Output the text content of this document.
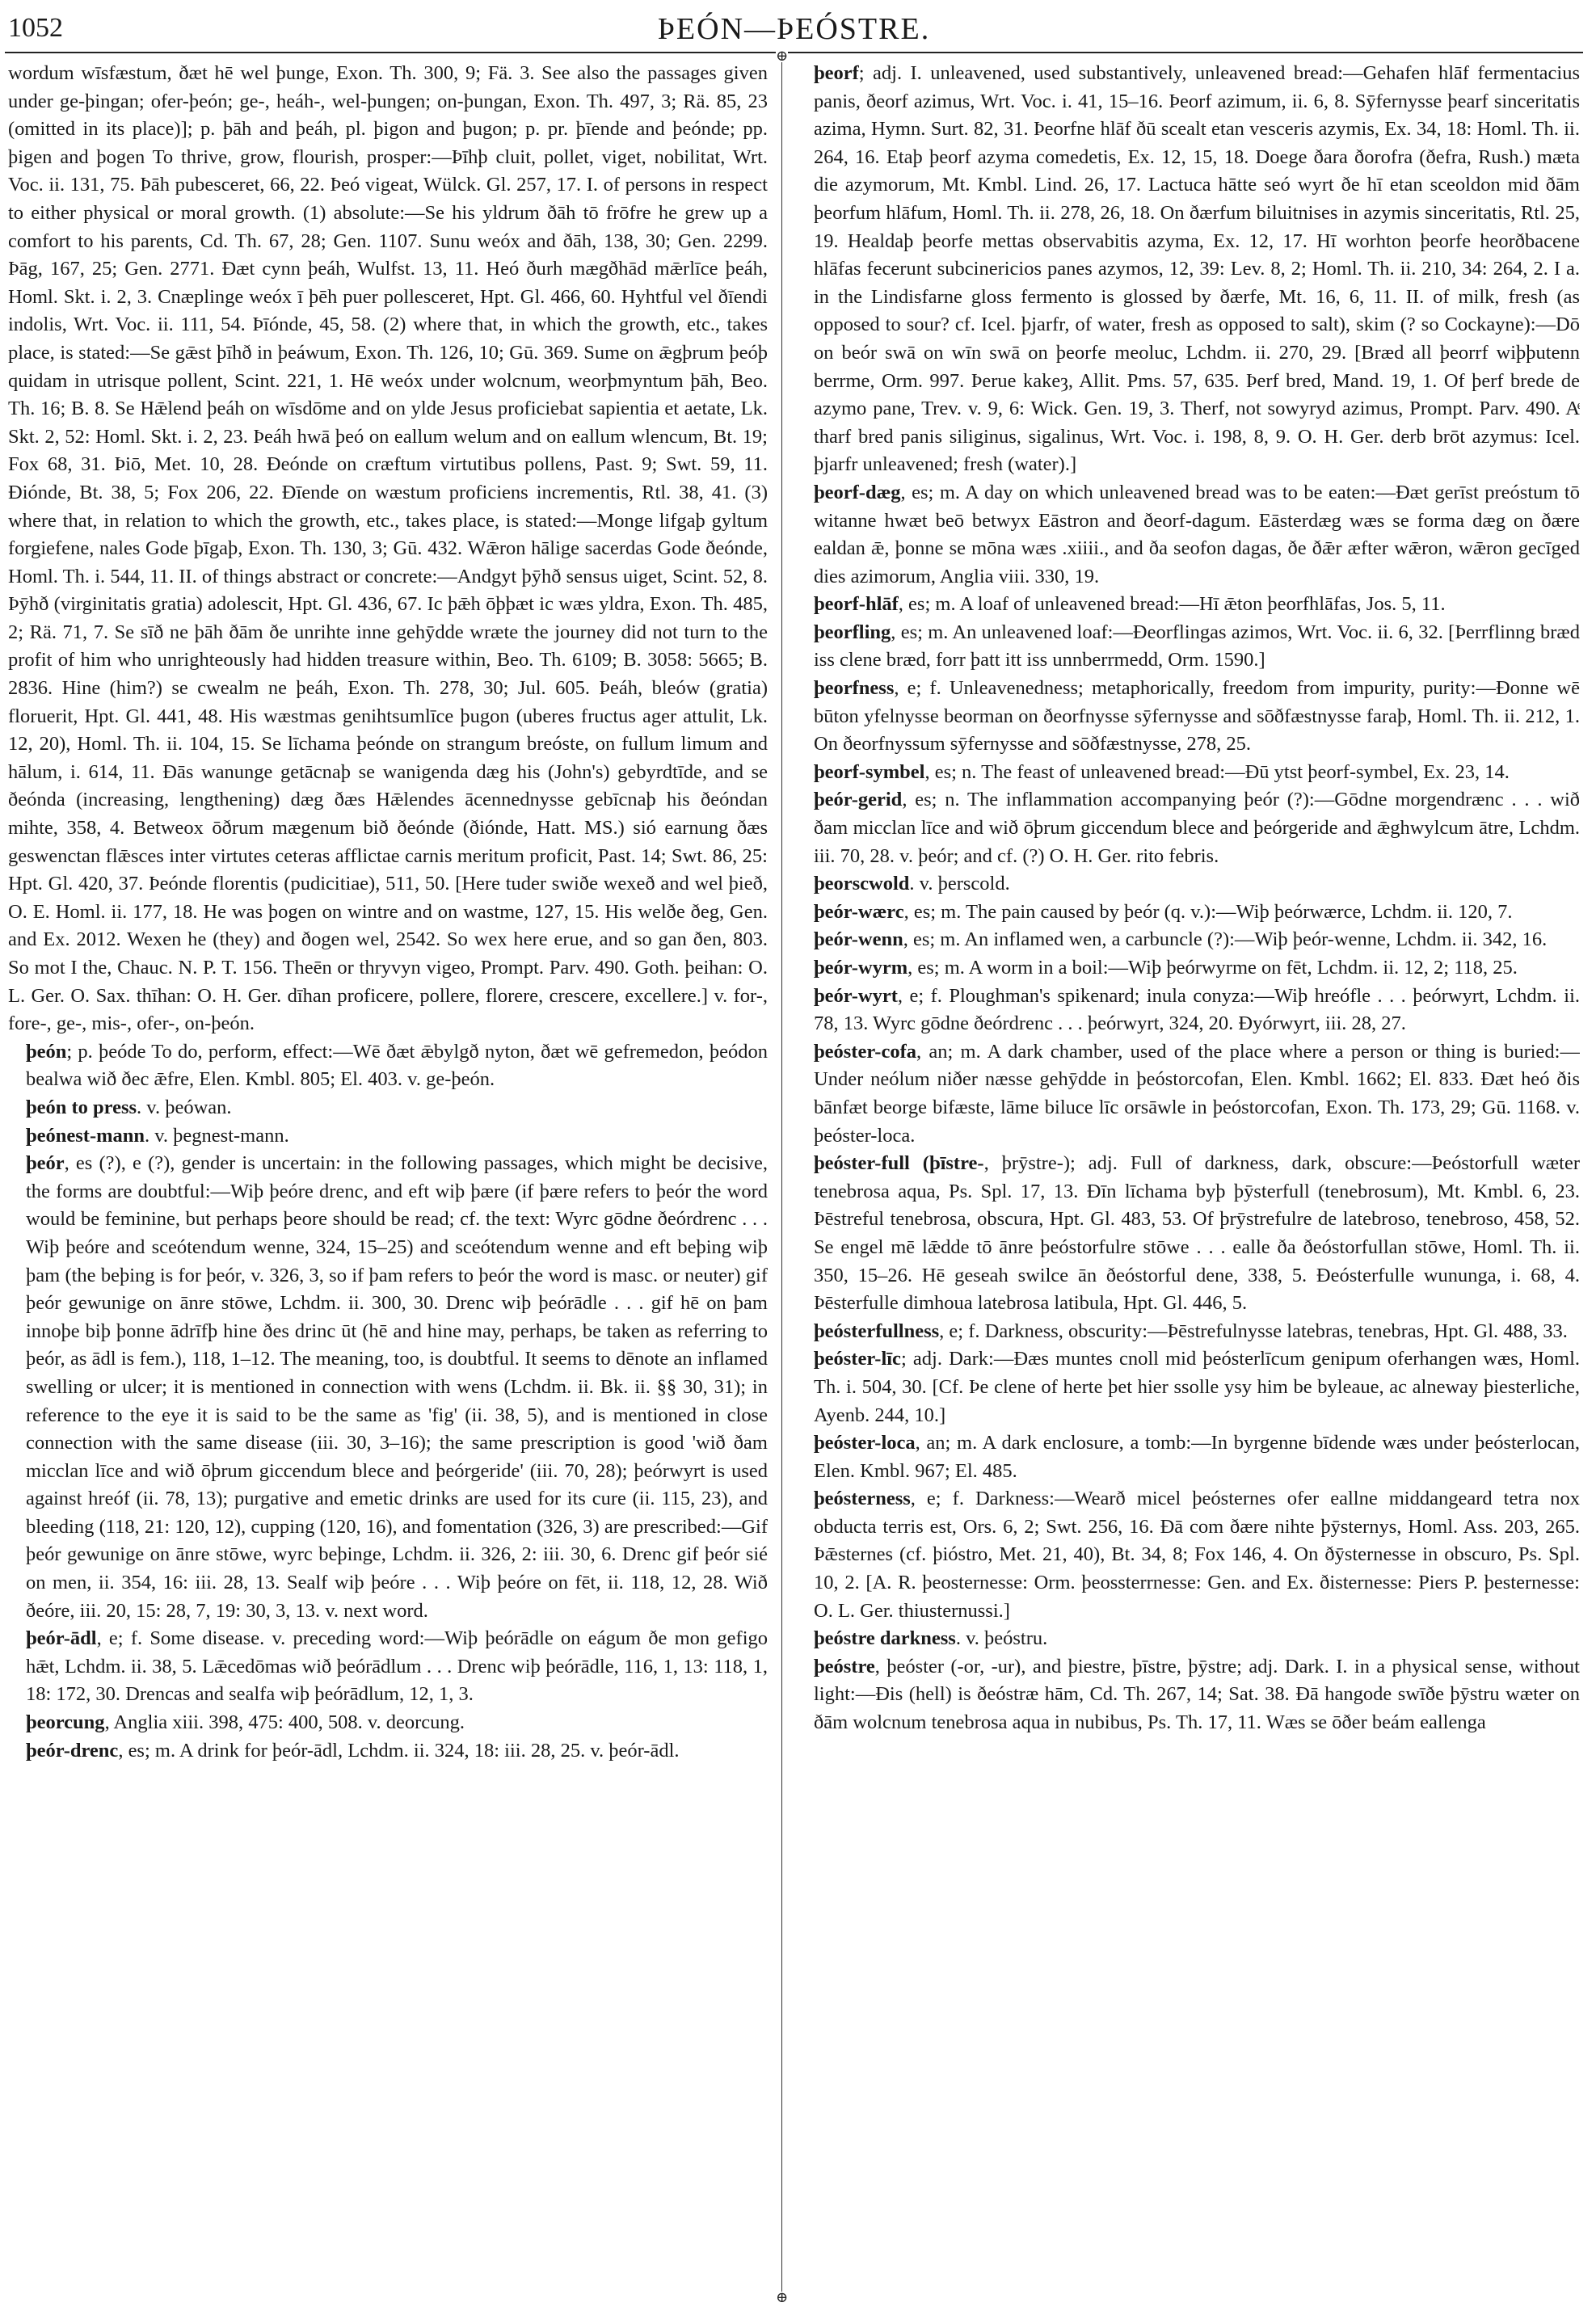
1052	ÞEÓN—ÞEÓSTRE.
⊕
⊕

wordum wīsfæstum, ðæt hē wel þunge, Exon. Th. 300, 9; Fä. 3. See also the passages given under ge-þingan; ofer-þeón; ge-, heáh-, wel-þungen; on-þungan, Exon. Th. 497, 3; Rä. 85, 23 (omitted in its place)]; p. þāh and þeáh, pl. þigon and þugon; p. pr. þīende and þeónde; pp. þigen and þogen To thrive, grow, flourish, prosper:—Þīhþ cluit, pollet, viget, nobilitat, Wrt. Voc. ii. 131, 75. Þāh pubesceret, 66, 22. Þeó vigeat, Wülck. Gl. 257, 17. I. of persons in respect to either physical or moral growth. (1) absolute:—Se his yldrum ðāh tō frōfre he grew up a comfort to his parents, Cd. Th. 67, 28; Gen. 1107. Sunu weóx and ðāh, 138, 30; Gen. 2299. Þāg, 167, 25; Gen. 2771. Ðæt cynn þeáh, Wulfst. 13, 11. Heó ðurh mægðhād mǣrlīce þeáh, Homl. Skt. i. 2, 3. Cnæplinge weóx ī þēh puer pollesceret, Hpt. Gl. 466, 60. Hyhtful vel ðīendi indolis, Wrt. Voc. ii. 111, 54. Þīónde, 45, 58. (2) where that, in which the growth, etc., takes place, is stated:—Se gǣst þīhð in þeáwum, Exon. Th. 126, 10; Gū. 369. Sume on ǣgþrum þeóþ quidam in utrisque pollent, Scint. 221, 1. Hē weóx under wolcnum, weorþmyntum þāh, Beo. Th. 16; B. 8. Se Hǣlend þeáh on wīsdōme and on ylde Jesus proficiebat sapientia et aetate, Lk. Skt. 2, 52: Homl. Skt. i. 2, 23. Þeáh hwā þeó on eallum welum and on eallum wlencum, Bt. 19; Fox 68, 31. Þiō, Met. 10, 28. Ðeónde on cræftum virtutibus pollens, Past. 9; Swt. 59, 11. Ðiónde, Bt. 38, 5; Fox 206, 22. Ðīende on wæstum proficiens incrementis, Rtl. 38, 41. (3) where that, in relation to which the growth, etc., takes place, is stated:—Monge lifgaþ gyltum forgiefene, nales Gode þīgaþ, Exon. Th. 130, 3; Gū. 432. Wǣron hālige sacerdas Gode ðeónde, Homl. Th. i. 544, 11. II. of things abstract or concrete:—Andgyt þȳhð sensus uiget, Scint. 52, 8. Þȳhð (virginitatis gratia) adolescit, Hpt. Gl. 436, 67. Ic þǣh ōþþæt ic wæs yldra, Exon. Th. 485, 2; Rä. 71, 7. Se sīð ne þāh ðām ðe unrihte inne gehȳdde wræte the journey did not turn to the profit of him who unrighteously had hidden treasure within, Beo. Th. 6109; B. 3058: 5665; B. 2836. Hine (him?) se cwealm ne þeáh, Exon. Th. 278, 30; Jul. 605. Þeáh, bleów (gratia) floruerit, Hpt. Gl. 441, 48. His wæstmas genihtsumlīce þugon (uberes fructus ager attulit, Lk. 12, 20), Homl. Th. ii. 104, 15. Se līchama þeónde on strangum breóste, on fullum limum and hālum, i. 614, 11. Ðās wanunge getācnaþ se wanigenda dæg his (John's) gebyrdtīde, and se ðeónda (increasing, lengthening) dæg ðæs Hǣlendes ācennednysse gebīcnaþ his ðeóndan mihte, 358, 4. Betweox ōðrum mægenum bið ðeónde (ðiónde, Hatt. MS.) sió earnung ðæs geswenctan flǣsces inter virtutes ceteras afflictae carnis meritum proficit, Past. 14; Swt. 86, 25: Hpt. Gl. 420, 37. Þeónde florentis (pudicitiae), 511, 50. [Here tuder swiðe wexeð and wel þieð, O. E. Homl. ii. 177, 18. He was þogen on wintre and on wastme, 127, 15. His welðe ðeg, Gen. and Ex. 2012. Wexen he (they) and ðogen wel, 2542. So wex here erue, and so gan ðen, 803. So mot I the, Chauc. N. P. T. 156. Theēn or thryvyn vigeo, Prompt. Parv. 490. Goth. þeihan: O. L. Ger. O. Sax. thīhan: O. H. Ger. dīhan proficere, pollere, florere, crescere, excellere.] v. for-, fore-, ge-, mis-, ofer-, on-þeón.

þeón; p. þeóde To do, perform, effect:—Wē ðæt ǣbylgð nyton, ðæt wē gefremedon, þeódon bealwa wið ðec ǣfre, Elen. Kmbl. 805; El. 403. v. ge-þeón.

þeón to press. v. þeówan.

þeónest-mann. v. þegnest-mann.

þeór, es (?), e (?), gender is uncertain: in the following passages, which might be decisive, the forms are doubtful:—Wiþ þeóre drenc, and eft wiþ þære (if þære refers to þeór the word would be feminine, but perhaps þeore should be read; cf. the text: Wyrc gōdne ðeórdrenc . . . Wiþ þeóre and sceótendum wenne, 324, 15–25) and sceótendum wenne and eft beþing wiþ þam (the beþing is for þeór, v. 326, 3, so if þam refers to þeór the word is masc. or neuter) gif þeór gewunige on ānre stōwe, Lchdm. ii. 300, 30. Drenc wiþ þeórādle . . . gif hē on þam innoþe biþ þonne ādrīfþ hine ðes drinc ūt (hē and hine may, perhaps, be taken as referring to þeór, as ādl is fem.), 118, 1–12. The meaning, too, is doubtful. It seems to dēnote an inflamed swelling or ulcer; it is mentioned in connection with wens (Lchdm. ii. Bk. ii. §§ 30, 31); in reference to the eye it is said to be the same as 'fig' (ii. 38, 5), and is mentioned in close connection with the same disease (iii. 30, 3–16); the same prescription is good 'wið ðam micclan līce and wið ōþrum giccendum blece and þeórgeride' (iii. 70, 28); þeórwyrt is used against hreóf (ii. 78, 13); purgative and emetic drinks are used for its cure (ii. 115, 23), and bleeding (118, 21: 120, 12), cupping (120, 16), and fomentation (326, 3) are prescribed:—Gif þeór gewunige on ānre stōwe, wyrc beþinge, Lchdm. ii. 326, 2: iii. 30, 6. Drenc gif þeór sié on men, ii. 354, 16: iii. 28, 13. Sealf wiþ þeóre . . . Wiþ þeóre on fēt, ii. 118, 12, 28. Wið ðeóre, iii. 20, 15: 28, 7, 19: 30, 3, 13. v. next word.

þeór-ādl, e; f. Some disease. v. preceding word:—Wiþ þeórādle on eágum ðe mon gefigo hǣt, Lchdm. ii. 38, 5. Lǣcedōmas wið þeórādlum . . . Drenc wiþ þeórādle, 116, 1, 13: 118, 1, 18: 172, 30. Drencas and sealfa wiþ þeórādlum, 12, 1, 3.

þeorcung, Anglia xiii. 398, 475: 400, 508. v. deorcung.

þeór-drenc, es; m. A drink for þeór-ādl, Lchdm. ii. 324, 18: iii. 28, 25. v. þeór-ādl.

þeorf; adj. I. unleavened, used substantively, unleavened bread:—Gehafen hlāf fermentacius panis, ðeorf azimus, Wrt. Voc. i. 41, 15–16. Þeorf azimum, ii. 6, 8. Sȳfernysse þearf sinceritatis azima, Hymn. Surt. 82, 31. Þeorfne hlāf ðū scealt etan vesceris azymis, Ex. 34, 18: Homl. Th. ii. 264, 16. Etaþ þeorf azyma comedetis, Ex. 12, 15, 18. Doege ðara ðorofra (ðefra, Rush.) mæta die azymorum, Mt. Kmbl. Lind. 26, 17. Lactuca hātte seó wyrt ðe hī etan sceoldon mid ðām þeorfum hlāfum, Homl. Th. ii. 278, 26, 18. On ðærfum biluitnises in azymis sinceritatis, Rtl. 25, 19. Healdaþ þeorfe mettas observabitis azyma, Ex. 12, 17. Hī worhton þeorfe heorðbacene hlāfas fecerunt subcinericios panes azymos, 12, 39: Lev. 8, 2; Homl. Th. ii. 210, 34: 264, 2. I a. in the Lindisfarne gloss fermento is glossed by ðærfe, Mt. 16, 6, 11. II. of milk, fresh (as opposed to sour? cf. Icel. þjarfr, of water, fresh as opposed to salt), skim (? so Cockayne):—Dō on beór swā on wīn swā on þeorfe meoluc, Lchdm. ii. 270, 29. [Bræd all þeorrf wiþþutenn berrme, Orm. 997. Þerue kakeȝ, Allit. Pms. 57, 635. Þerf bred, Mand. 19, 1. Of þerf brede de azymo pane, Trev. v. 9, 6: Wick. Gen. 19, 3. Therf, not sowyryd azimus, Prompt. Parv. 490. Aͤ tharf bred panis siliginus, sigalinus, Wrt. Voc. i. 198, 8, 9. O. H. Ger. derb brōt azymus: Icel. þjarfr unleavened; fresh (water).]

þeorf-dæg, es; m. A day on which unleavened bread was to be eaten:—Ðæt gerīst preóstum tō witanne hwæt beō betwyx Eāstron and ðeorf-dagum. Eāsterdæg wæs se forma dæg on ðære ealdan ǣ, þonne se mōna wæs .xiiii., and ða seofon dagas, ðe ðǣr æfter wǣron, wǣron gecīged dies azimorum, Anglia viii. 330, 19.

þeorf-hlāf, es; m. A loaf of unleavened bread:—Hī ǣton þeorfhlāfas, Jos. 5, 11.

þeorfling, es; m. An unleavened loaf:—Ðeorflingas azimos, Wrt. Voc. ii. 6, 32. [Þerrflinng bræd iss clene bræd, forr þatt itt iss unnberrmedd, Orm. 1590.]

þeorfness, e; f. Unleavenedness; metaphorically, freedom from impurity, purity:—Ðonne wē būton yfelnysse beorman on ðeorfnysse sȳfernysse and sōðfæstnysse faraþ, Homl. Th. ii. 212, 1. On ðeorfnyssum sȳfernysse and sōðfæstnysse, 278, 25.

þeorf-symbel, es; n. The feast of unleavened bread:—Ðū ytst þeorf-symbel, Ex. 23, 14.

þeór-gerid, es; n. The inflammation accompanying þeór (?):—Gōdne morgendrænc . . . wið ðam micclan līce and wið ōþrum giccendum blece and þeórgeride and ǣghwylcum ātre, Lchdm. iii. 70, 28. v. þeór; and cf. (?) O. H. Ger. rito febris.

þeorscwold. v. þerscold.

þeór-wærc, es; m. The pain caused by þeór (q. v.):—Wiþ þeórwærce, Lchdm. ii. 120, 7.

þeór-wenn, es; m. An inflamed wen, a carbuncle (?):—Wiþ þeór-wenne, Lchdm. ii. 342, 16.

þeór-wyrm, es; m. A worm in a boil:—Wiþ þeórwyrme on fēt, Lchdm. ii. 12, 2; 118, 25.

þeór-wyrt, e; f. Ploughman's spikenard; inula conyza:—Wiþ hreófle . . . þeórwyrt, Lchdm. ii. 78, 13. Wyrc gōdne ðeórdrenc . . . þeórwyrt, 324, 20. Ðyórwyrt, iii. 28, 27.

þeóster-cofa, an; m. A dark chamber, used of the place where a person or thing is buried:—Under neólum niðer næsse gehȳdde in þeóstorcofan, Elen. Kmbl. 1662; El. 833. Ðæt heó ðis bānfæt beorge bifæste, lāme biluce līc orsāwle in þeóstorcofan, Exon. Th. 173, 29; Gū. 1168. v. þeóster-loca.

þeóster-full (þīstre-, þrȳstre-); adj. Full of darkness, dark, obscure:—Þeóstorfull wæter tenebrosa aqua, Ps. Spl. 17, 13. Ðīn līchama byþ þȳsterfull (tenebrosum), Mt. Kmbl. 6, 23. Þēstreful tenebrosa, obscura, Hpt. Gl. 483, 53. Of þrȳstrefulre de latebroso, tenebroso, 458, 52. Se engel mē lǣdde tō ānre þeóstorfulre stōwe . . . ealle ða ðeóstorfullan stōwe, Homl. Th. ii. 350, 15–26. Hē geseah swilce ān ðeóstorful dene, 338, 5. Ðeósterfulle wununga, i. 68, 4. Þēsterfulle dimhoua latebrosa latibula, Hpt. Gl. 446, 5.

þeósterfullness, e; f. Darkness, obscurity:—Þēstrefulnysse latebras, tenebras, Hpt. Gl. 488, 33.

þeóster-līc; adj. Dark:—Ðæs muntes cnoll mid þeósterlīcum genipum oferhangen wæs, Homl. Th. i. 504, 30. [Cf. Þe clene of herte þet hier ssolle ysy him be byleaue, ac alneway þiesterliche, Ayenb. 244, 10.]

þeóster-loca, an; m. A dark enclosure, a tomb:—In byrgenne bīdende wæs under þeósterlocan, Elen. Kmbl. 967; El. 485.

þeósterness, e; f. Darkness:—Wearð micel þeósternes ofer eallne middangeard tetra nox obducta terris est, Ors. 6, 2; Swt. 256, 16. Ðā com ðære nihte þȳsternys, Homl. Ass. 203, 265. Þǣsternes (cf. þióstro, Met. 21, 40), Bt. 34, 8; Fox 146, 4. On ðȳsternesse in obscuro, Ps. Spl. 10, 2. [A. R. þeosternesse: Orm. þeossterrnesse: Gen. and Ex. ðisternesse: Piers P. þesternesse: O. L. Ger. thiusternussi.]

þeóstre darkness. v. þeóstru.

þeóstre, þeóster (-or, -ur), and þiestre, þīstre, þȳstre; adj. Dark. I. in a physical sense, without light:—Ðis (hell) is ðeóstræ hām, Cd. Th. 267, 14; Sat. 38. Ðā hangode swīðe þȳstru wæter on ðām wolcnum tenebrosa aqua in nubibus, Ps. Th. 17, 11. Wæs se ōðer beám eallenga
